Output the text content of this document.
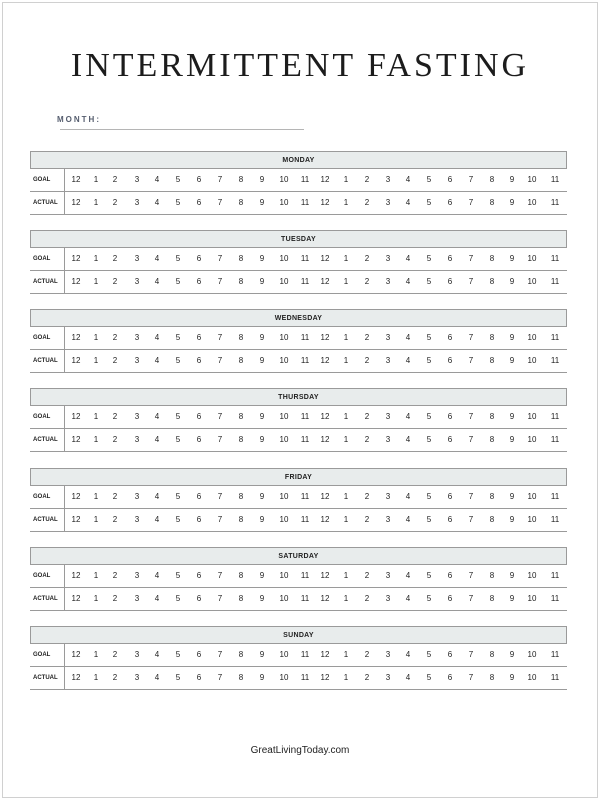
INTERMITTENT FASTING
MONTH:
MONDAY
GOAL	12	1	2	3	4	5	6	7	8	9	10	11	12	1	2	3	4	5	6	7	8	9	10	11
ACTUAL	12	1	2	3	4	5	6	7	8	9	10	11	12	1	2	3	4	5	6	7	8	9	10	11
TUESDAY
GOAL	12	1	2	3	4	5	6	7	8	9	10	11	12	1	2	3	4	5	6	7	8	9	10	11
ACTUAL	12	1	2	3	4	5	6	7	8	9	10	11	12	1	2	3	4	5	6	7	8	9	10	11
WEDNESDAY
GOAL	12	1	2	3	4	5	6	7	8	9	10	11	12	1	2	3	4	5	6	7	8	9	10	11
ACTUAL	12	1	2	3	4	5	6	7	8	9	10	11	12	1	2	3	4	5	6	7	8	9	10	11
THURSDAY
GOAL	12	1	2	3	4	5	6	7	8	9	10	11	12	1	2	3	4	5	6	7	8	9	10	11
ACTUAL	12	1	2	3	4	5	6	7	8	9	10	11	12	1	2	3	4	5	6	7	8	9	10	11
FRIDAY
GOAL	12	1	2	3	4	5	6	7	8	9	10	11	12	1	2	3	4	5	6	7	8	9	10	11
ACTUAL	12	1	2	3	4	5	6	7	8	9	10	11	12	1	2	3	4	5	6	7	8	9	10	11
SATURDAY
GOAL	12	1	2	3	4	5	6	7	8	9	10	11	12	1	2	3	4	5	6	7	8	9	10	11
ACTUAL	12	1	2	3	4	5	6	7	8	9	10	11	12	1	2	3	4	5	6	7	8	9	10	11
SUNDAY
GOAL	12	1	2	3	4	5	6	7	8	9	10	11	12	1	2	3	4	5	6	7	8	9	10	11
ACTUAL	12	1	2	3	4	5	6	7	8	9	10	11	12	1	2	3	4	5	6	7	8	9	10	11
GreatLivingToday.com
